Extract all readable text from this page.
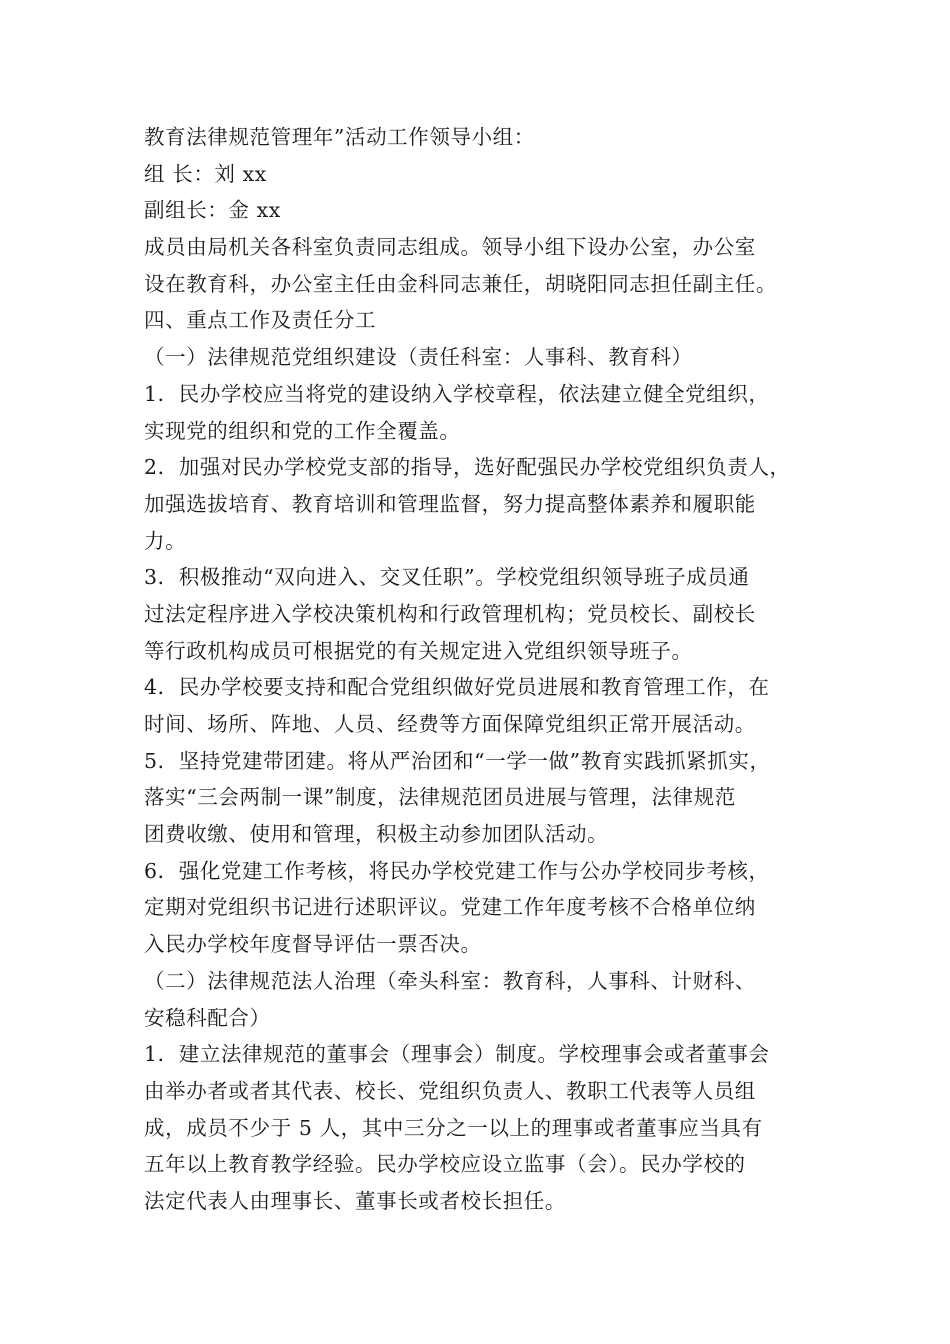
教育法律规范管理年”活动工作领导小组：
组 长：刘 xx
副组长：金 xx
成员由局机关各科室负责同志组成。领导小组下设办公室，办公室
设在教育科，办公室主任由金科同志兼任，胡晓阳同志担任副主任。
四、重点工作及责任分工
（一）法律规范党组织建设（责任科室：人事科、教育科）
1．民办学校应当将党的建设纳入学校章程，依法建立健全党组织，
实现党的组织和党的工作全覆盖。
2．加强对民办学校党支部的指导，选好配强民办学校党组织负责人，
加强选拔培育、教育培训和管理监督，努力提高整体素养和履职能
力。
3．积极推动“双向进入、交叉任职”。学校党组织领导班子成员通
过法定程序进入学校决策机构和行政管理机构；党员校长、副校长
等行政机构成员可根据党的有关规定进入党组织领导班子。
4．民办学校要支持和配合党组织做好党员进展和教育管理工作，在
时间、场所、阵地、人员、经费等方面保障党组织正常开展活动。
5．坚持党建带团建。将从严治团和“一学一做”教育实践抓紧抓实，
落实“三会两制一课”制度，法律规范团员进展与管理，法律规范
团费收缴、使用和管理，积极主动参加团队活动。
6．强化党建工作考核，将民办学校党建工作与公办学校同步考核，
定期对党组织书记进行述职评议。党建工作年度考核不合格单位纳
入民办学校年度督导评估一票否决。
（二）法律规范法人治理（牵头科室：教育科，人事科、计财科、
安稳科配合）
1．建立法律规范的董事会（理事会）制度。学校理事会或者董事会
由举办者或者其代表、校长、党组织负责人、教职工代表等人员组
成，成员不少于 5 人，其中三分之一以上的理事或者董事应当具有
五年以上教育教学经验。民办学校应设立监事（会）。民办学校的
法定代表人由理事长、董事长或者校长担任。
